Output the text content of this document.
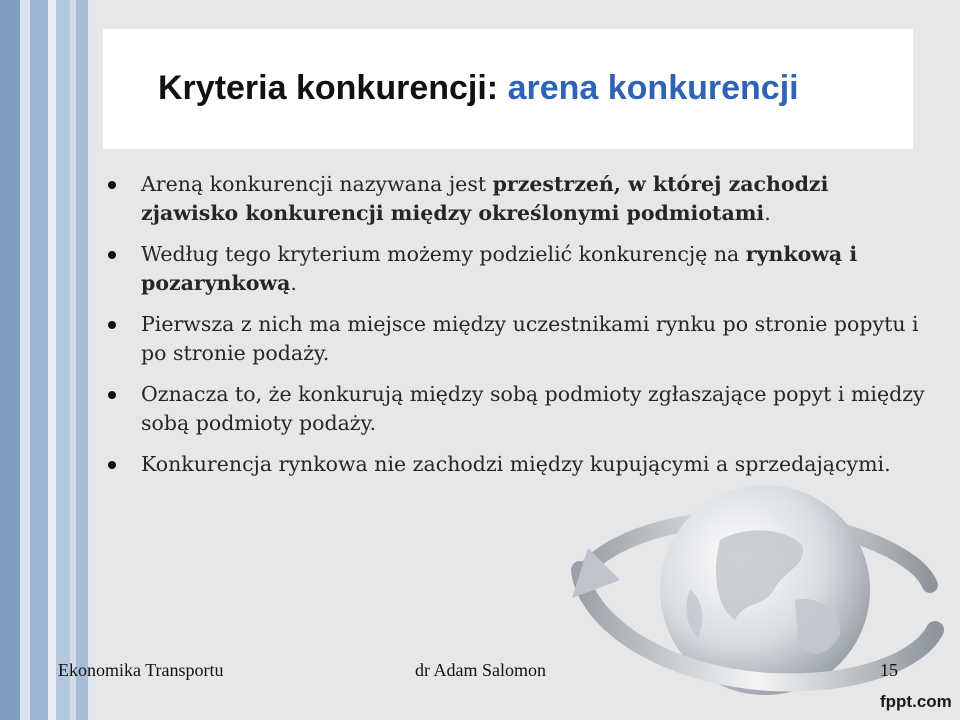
Kryteria konkurencji: arena konkurencji
Areną konkurencji nazywana jest przestrzeń, w której zachodzi zjawisko konkurencji między określonymi podmiotami.
Według tego kryterium możemy podzielić konkurencję na rynkową i pozarynkową.
Pierwsza z nich ma miejsce między uczestnikami rynku po stronie popytu i po stronie podaży.
Oznacza to, że konkurują między sobą podmioty zgłaszające popyt i między sobą podmioty podaży.
Konkurencja rynkowa nie zachodzi między kupującymi a sprzedającymi.
Ekonomika Transportu	dr Adam Salomon	15
fppt.com
